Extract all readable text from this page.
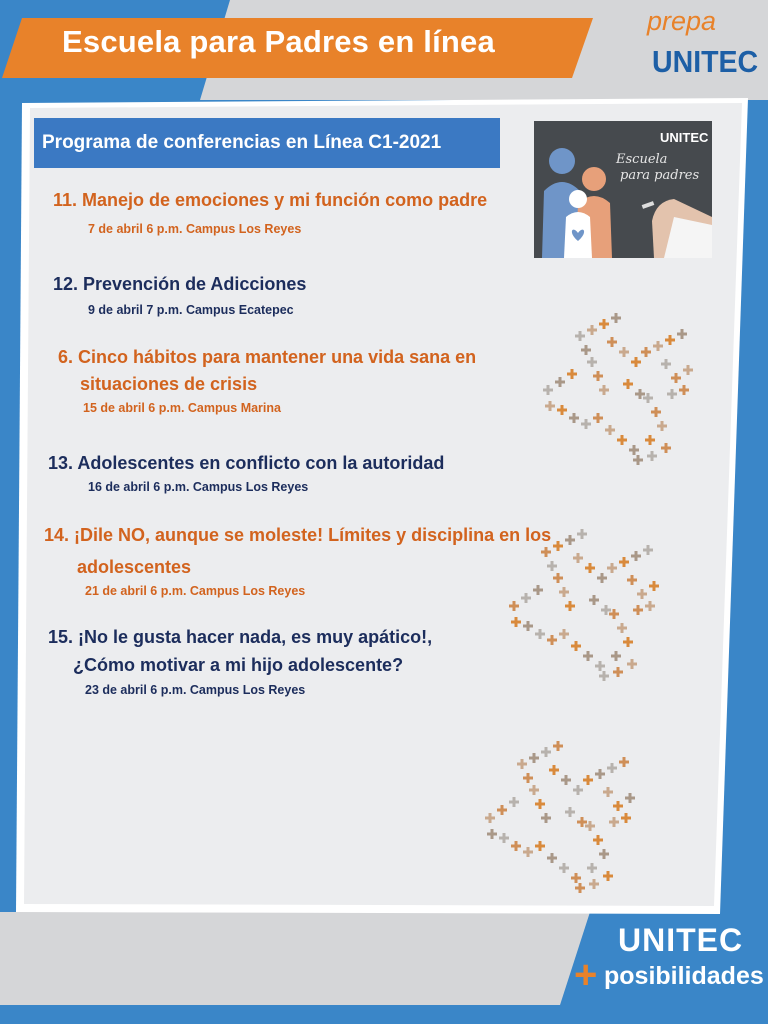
Escuela para Padres en línea
prepa
UNITEC
Programa de conferencias en Línea C1-2021	UNITEC
Escuela
para padres
11. Manejo de emociones y mi función como padre
7 de abril 6 p.m. Campus Los Reyes
12. Prevención de Adicciones
9 de abril 7 p.m. Campus Ecatepec
6. Cinco hábitos para mantener una vida sana en
situaciones de crisis
15 de abril 6 p.m. Campus Marina
13. Adolescentes en conflicto con la autoridad
16 de abril 6 p.m. Campus Los Reyes
14. ¡Dile NO, aunque se moleste! Límites y disciplina en los
adolescentes
21 de abril 6 p.m. Campus Los Reyes
15. ¡No le gusta hacer nada, es muy apático!,
¿Cómo motivar a mi hijo adolescente?
23 de abril 6 p.m. Campus Los Reyes
UNITEC
+ posibilidades
